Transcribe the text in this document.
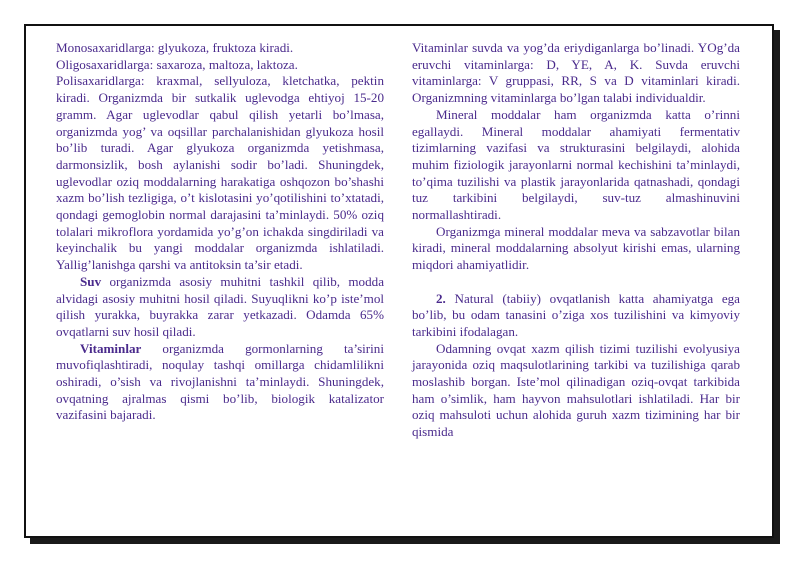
Monosaxaridlarga: glyukoza, fruktoza kiradi.

Oligosaxaridlarga: saxaroza, maltoza, laktoza.

Polisaxaridlarga: kraxmal, sellyuloza, kletchatka, pektin kiradi. Organizmda bir sutkalik uglevodga ehtiyoj 15-20 gramm. Agar uglevodlar qabul qilish yetarli bo’lmasa, organizmda yog’ va oqsillar parchalanishidan glyukoza hosil bo’lib turadi. Agar glyukoza organizmda yetishmasa, darmonsizlik, bosh aylanishi sodir bo’ladi. Shuningdek, uglevodlar oziq moddalarning harakatiga oshqozon bo’shashi xazm bo’lish tezligiga, o’t kislotasini yo’qotilishini to’xtatadi, qondagi gemoglobin normal darajasini ta’minlaydi. 50% oziq tolalari mikroflora yordamida yo’g’on ichakda singdiriladi va keyinchalik bu yangi moddalar organizmda ishlatiladi. Yallig’lanishga qarshi va antitoksin ta’sir etadi.

Suv organizmda asosiy muhitni tashkil qilib, modda alvidagi asosiy muhitni hosil qiladi. Suyuqlikni ko’p iste’mol qilish yurakka, buyrakka zarar yetkazadi. Odamda 65% ovqatlarni suv hosil qiladi.

Vitaminlar organizmda gormonlarning ta’sirini muvofiqlashtiradi, noqulay tashqi omillarga chidamlilikni oshiradi, o’sish va rivojlanishni ta’minlaydi. Shuningdek, ovqatning ajralmas qismi bo’lib, biologik katalizator vazifasini bajaradi.

Vitaminlar suvda va yog’da eriydiganlarga bo’linadi. YOg’da eruvchi vitaminlarga: D, YE, A, K. Suvda eruvchi vitaminlarga: V gruppasi, RR, S va D vitaminlari kiradi. Organizmning vitaminlarga bo’lgan talabi individualdir.

Mineral moddalar ham organizmda katta o’rinni egallaydi. Mineral moddalar ahamiyati fermentativ tizimlarning vazifasi va strukturasini belgilaydi, alohida muhim fiziologik jarayonlarni normal kechishini ta’minlaydi, to’qima tuzilishi va plastik jarayonlarida qatnashadi, qondagi tuz tarkibini belgilaydi, suv-tuz almashinuvini normallashtiradi.

Organizmga mineral moddalar meva va sabzavotlar bilan kiradi, mineral moddalarning absolyut kirishi emas, ularning miqdori ahamiyatlidir.

2. Natural (tabiiy) ovqatlanish katta ahamiyatga ega bo’lib, bu odam tanasini o’ziga xos tuzilishini va kimyoviy tarkibini ifodalagan.

Odamning ovqat xazm qilish tizimi tuzilishi evolyusiya jarayonida oziq maqsulotlarining tarkibi va tuzilishiga qarab moslashib borgan. Iste’mol qilinadigan oziq-ovqat tarkibida ham o’simlik, ham hayvon mahsulotlari ishlatiladi. Har bir oziq mahsuloti uchun alohida guruh xazm tizimining har bir qismida
